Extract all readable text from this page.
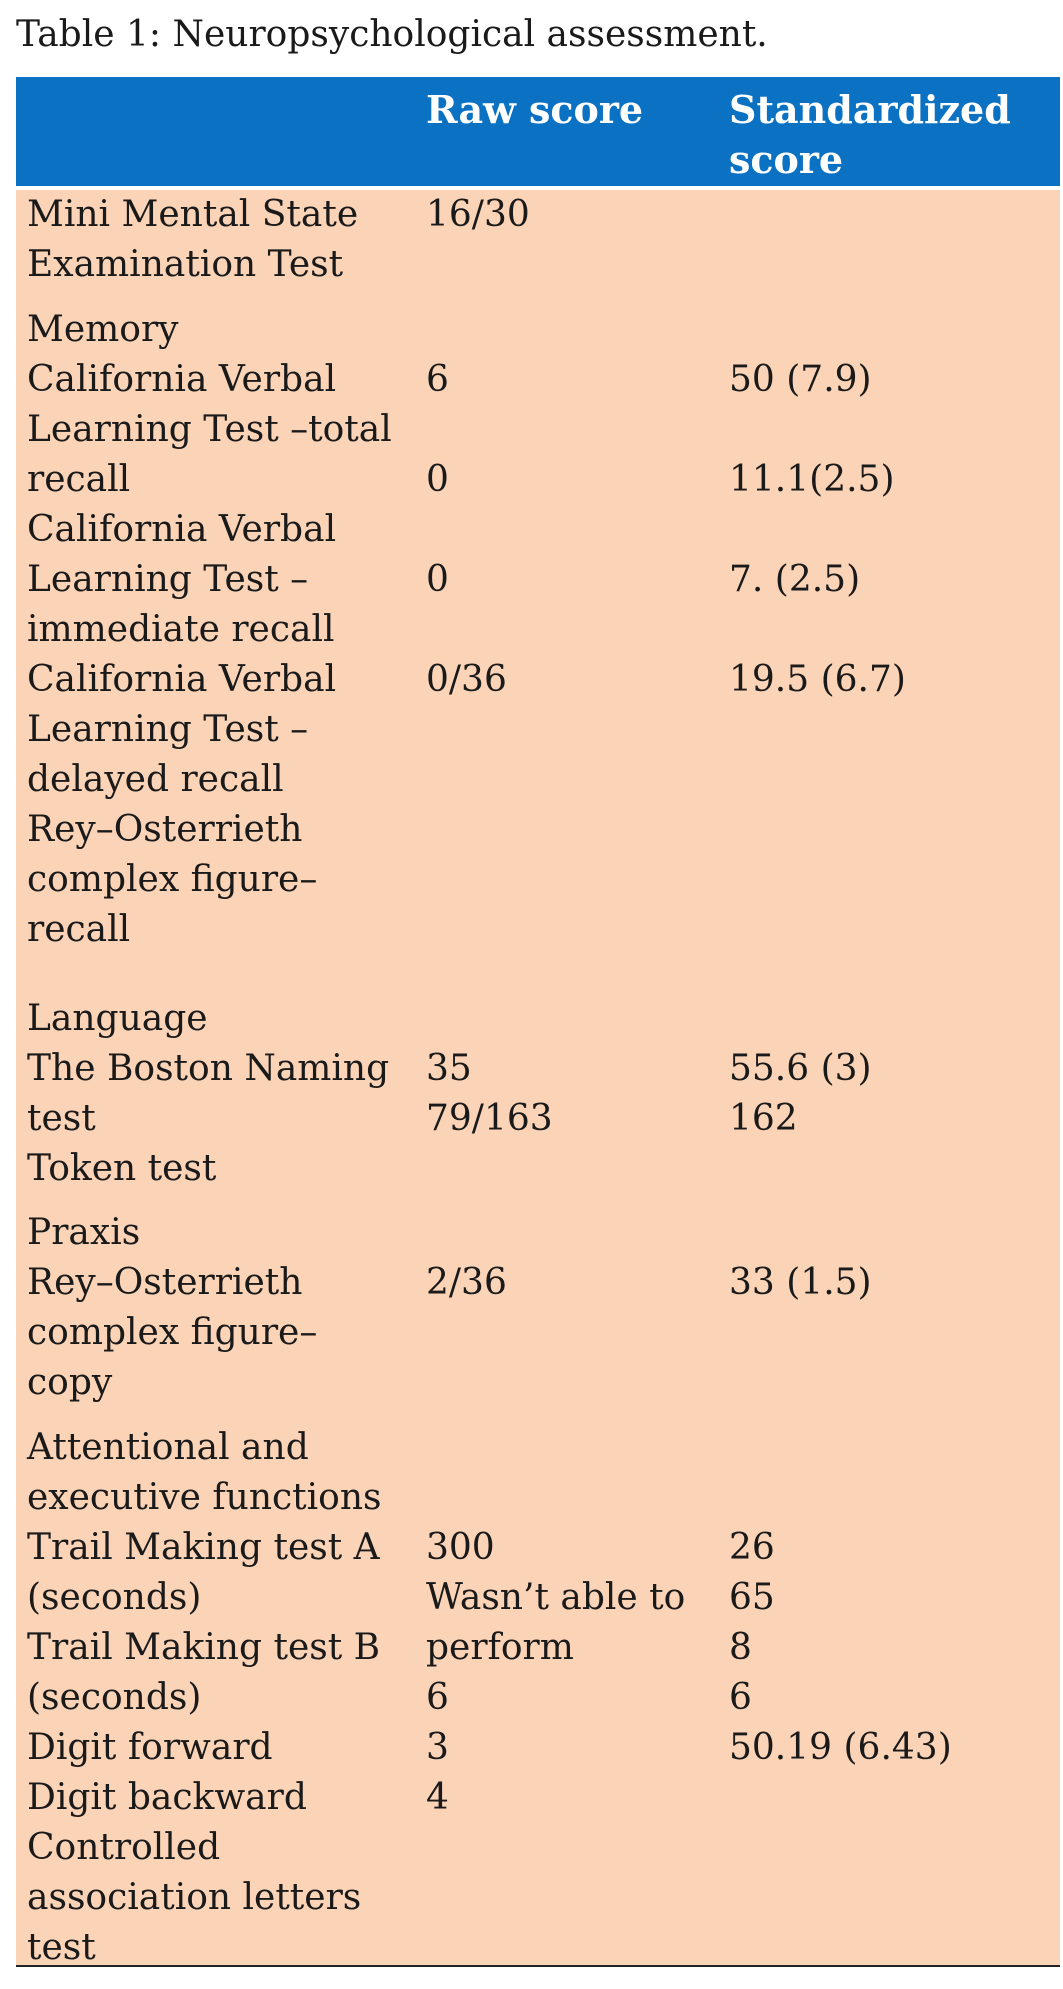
Table 1: Neuropsychological assessment.
Raw score Standardized
score
Mini Mental State
Examination Test
16/30
Memory
California Verbal
Learning Test –total
recall
California Verbal
Learning Test –
immediate recall
California Verbal
Learning Test –
delayed recall
Rey–Osterrieth
complex figure–
recall

6

0

0

0/36

50 (7.9)

11.1(2.5)

7. (2.5)

19.5 (6.7)
Language
The Boston Naming
test
Token test

35
79/163

55.6 (3)
162
Praxis
Rey–Osterrieth
complex figure–
copy

2/36	
33 (1.5)
Attentional and
executive functions
Trail Making test A
(seconds)
Trail Making test B
(seconds)
Digit forward
Digit backward
Controlled
association letters
test

300
Wasn’t able to
perform
6
3
4

26
65
8
6
50.19 (6.43)
